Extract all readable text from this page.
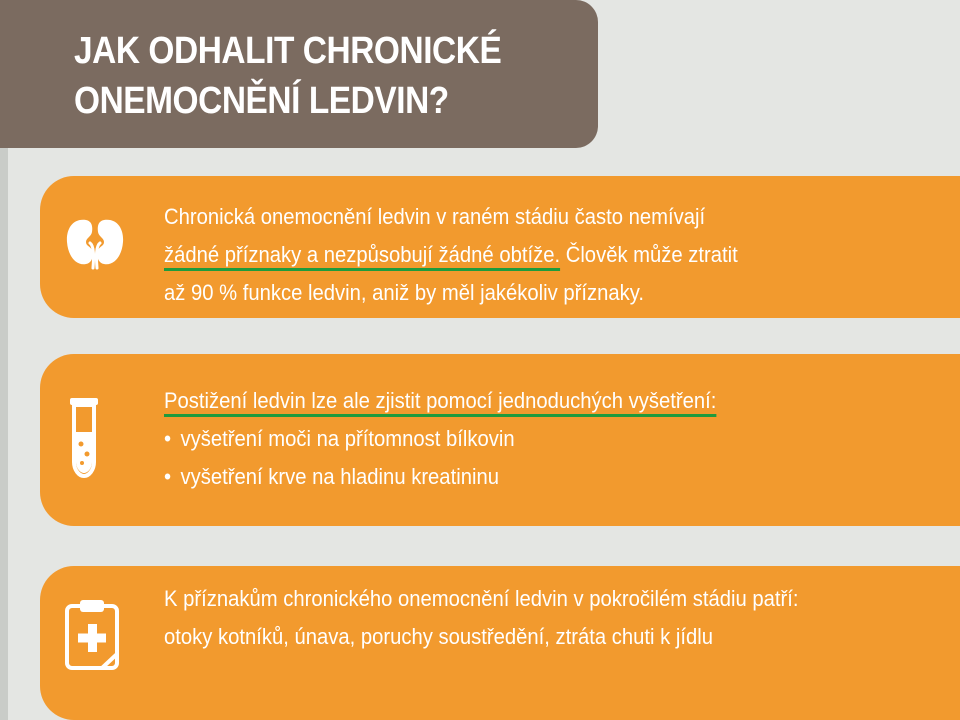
JAK ODHALIT CHRONICKÉ
ONEMOCNĚNÍ LEDVIN?
Chronická onemocnění ledvin v raném stádiu často nemívají
žádné příznaky a nezpůsobují žádné obtíže. Člověk může ztratit
až 90 % funkce ledvin, aniž by měl jakékoliv příznaky.
Postižení ledvin lze ale zjistit pomocí jednoduchých vyšetření:
• vyšetření moči na přítomnost bílkovin
• vyšetření krve na hladinu kreatininu
K příznakům chronického onemocnění ledvin v pokročilém stádiu patří:
otoky kotníků, únava, poruchy soustředění, ztráta chuti k jídlu
